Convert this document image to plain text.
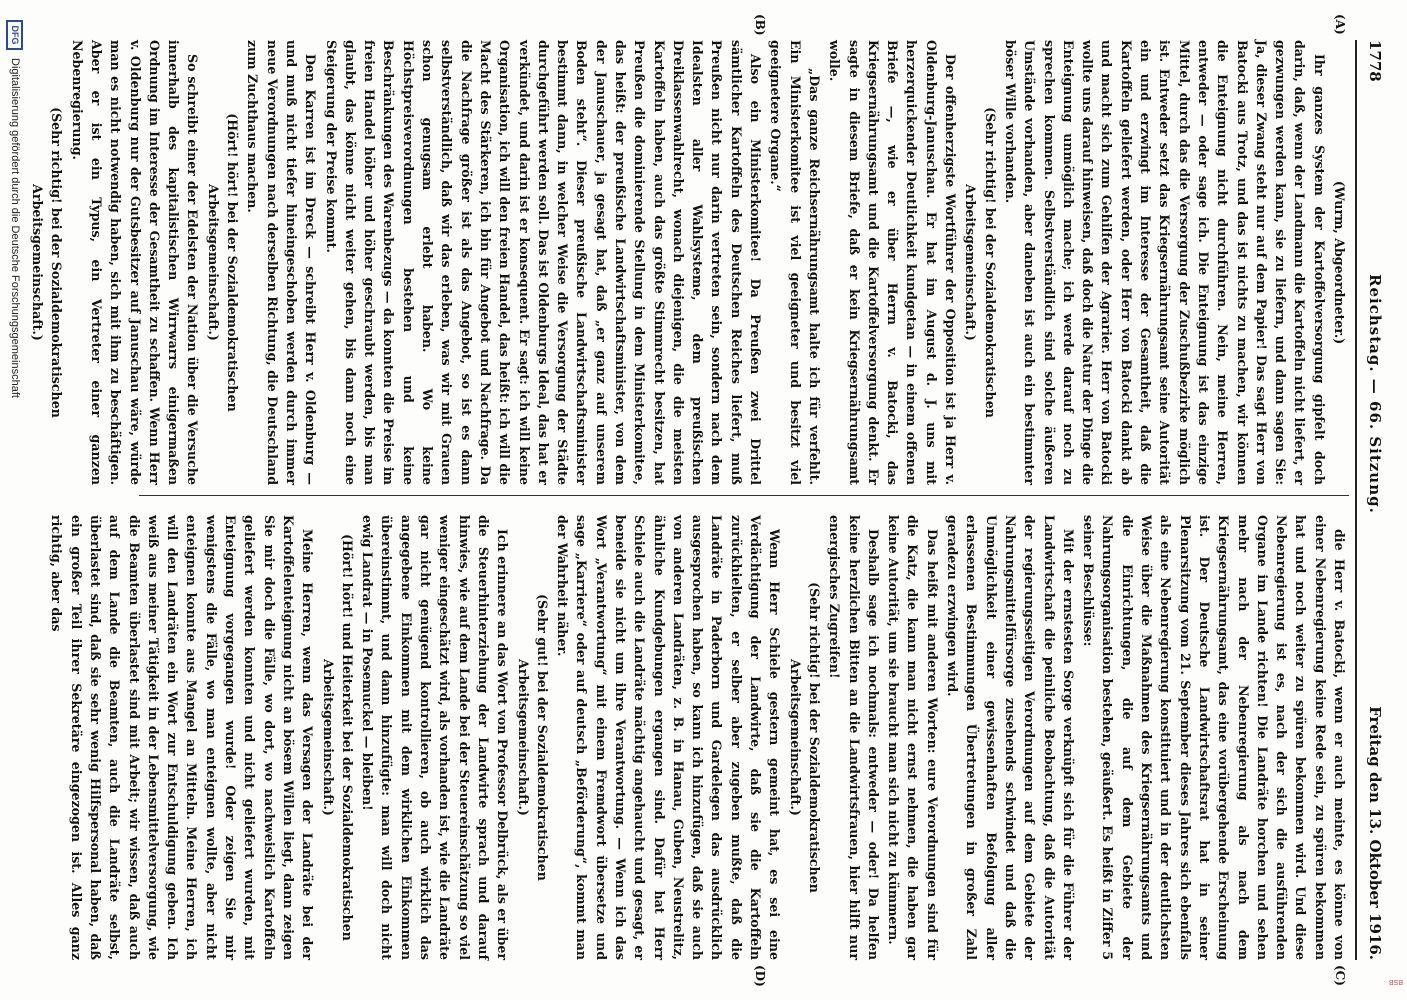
BSB
1778
Reichstag. — 66. Sitzung.
Freitag den 13. Oktober 1916.
(A)
(B)
(C)
(D)

(Wurm, Abgeordneter.)

Ihr ganzes System der Kartoffelversorgung gipfelt doch darin, daß, wenn der Landmann die Kartoffeln nicht liefert, er gezwungen werden kann, sie zu liefern, und dann sagen Sie: Ja, dieser Zwang steht nur auf dem Papier! Das sagt Herr von Batocki aus Trotz, und das ist nichts zu machen, wir können die Enteignung nicht durchführen. Nein, meine Herren, entweder — oder sage ich. Die Enteignung ist das einzige Mittel, durch das die Versorgung der Zuschußbezirke möglich ist. Entweder setzt das Kriegsernährungsamt seine Autorität ein und erzwingt im Interesse der Gesamtheit, daß die Kartoffeln geliefert werden, oder Herr von Batocki dankt ab und macht sich zum Gehilfen der Agrarier. Herr von Batocki wollte uns darauf hinweisen, daß doch die Natur der Dinge die Enteignung unmöglich mache; ich werde darauf noch zu sprechen kommen. Selbstverständlich sind solche äußeren Umstände vorhanden, aber daneben ist auch ein bestimmter böser Wille vorhanden.

(Sehr richtig! bei der Sozialdemokratischen Arbeitsgemeinschaft.)

Der offenherzigste Wortführer der Opposition ist ja Herr v. Oldenburg-Januschau. Er hat im August d. J. uns mit herzerquickender Deutlichkeit kundgetan — in einem offenen Briefe —, wie er über Herrn v. Batocki, das Kriegsernährungsamt und die Kartoffelversorgung denkt. Er sagte in diesem Briefe, daß er kein Kriegsernährungsamt wolle.

„Das ganze Reichsernährungsamt halte ich für verfehlt. Ein Ministerkomitee ist viel geeigneter und besitzt viel geeignetere Organe.“

Also ein Ministerkomitee! Da Preußen zwei Drittel sämtlicher Kartoffeln des Deutschen Reiches liefert, muß Preußen nicht nur darin vertreten sein, sondern nach dem Idealsten aller Wahlsysteme, dem preußischen Dreiklassenwahlrecht, wonach diejenigen, die die meisten Kartoffeln haben, auch das größte Stimmrecht besitzen, hat Preußen die dominierende Stellung in dem Ministerkomitee, das heißt: der preußische Landwirtschaftsminister, von dem der Januschauer, ja gesagt hat, daß „er ganz auf unserem Boden steht“. Dieser preußische Landwirtschaftsminister bestimmt dann, in welcher Weise die Versorgung der Städte durchgeführt werden soll. Das ist Oldenburgs Ideal, das hat er verkündet, und darin ist er konsequent. Er sagt: ich will keine Organisation, ich will den freien Handel, das heißt: ich will die Macht des Stärkeren, ich bin für Angebot und Nachfrage. Da die Nachfrage größer ist als das Angebot, so ist es dann selbstverständlich, daß wir das erleben, was wir mit Grauen schon genugsam erlebt haben. Wo keine Höchstpreisverordnungen bestehen und keine Beschränkungen des Warenbezugs — da konnten die Preise im freien Handel höher und höher geschraubt werden, bis man glaubt, das könne nicht weiter gehen, bis dann noch eine Steigerung der Preise kommt.

Den Karren ist im Dreck — schreibt Herr v. Oldenburg — und muß nicht tiefer hineingeschoben werden durch immer neue Verordnungen nach derselben Richtung, die Deutschland zum Zuchthaus machen.

(Hört! hört! bei der Sozialdemokratischen Arbeitsgemeinschaft.)

So schreibt einer der Edelsten der Nation über die Versuche innerhalb des kapitalistischen Wirrwarrs einigermaßen Ordnung im Interesse der Gesamtheit zu schaffen. Wenn Herr v. Oldenburg nur der Gutsbesitzer auf Januschau wäre, würde man es nicht notwendig haben, sich mit ihm zu beschäftigen. Aber er ist ein Typus, ein Vertreter einer ganzen Nebenregierung.

(Sehr richtig! bei der Sozialdemokratischen Arbeitsgemeinschaft.)

die Herr v. Batocki, wenn er auch meinte, es könne von einer Nebenregierung keine Rede sein, zu spüren bekommen hat und noch weiter zu spüren bekommen wird. Und diese Nebenregierung ist es, nach der sich die ausführenden Organe im Lande richten! Die Landräte horchen und sehen mehr nach der Nebenregierung als nach dem Kriegsernährungsamt, das eine vorübergehende Erscheinung ist. Der Deutsche Landwirtschaftsrat hat in seiner Plenarsitzung vom 21. September dieses Jahres sich ebenfalls als eine Nebenregierung konstituiert und in der deutlichsten Weise über die Maßnahmen des Kriegsernährungsamts und die Einrichtungen, die auf dem Gebiete der Nahrungsorganisation bestehen, geäußert. Es heißt in Ziffer 5 seiner Beschlüsse:

Mit der ernstesten Sorge verknüpft sich für die Führer der Landwirtschaft die peinliche Beobachtung, daß die Autorität der regierungsseitigen Verordnungen auf dem Gebiete der Nahrungsmittelfürsorge zusehends schwindet und daß die Unmöglichkeit einer gewissenhaften Befolgung aller erlassenen Bestimmungen Übertretungen in großer Zahl geradezu erzwingen wird.

Das heißt mit anderen Worten: eure Verordnungen sind für die Katz, die kann man nicht ernst nehmen, die haben gar keine Autorität, um sie braucht man sich nicht zu kümmern.

Deshalb sage ich nochmals: entweder — oder! Da helfen keine herzlichen Bitten an die Landwirtsfrauen, hier hilft nur energisches Zugreifen!

(Sehr richtig! bei der Sozialdemokratischen Arbeitsgemeinschaft.)

Wenn Herr Schiele gestern gemeint hat, es sei eine Verdächtigung der Landwirte, daß sie die Kartoffeln zurückhielten, er selber aber zugeben mußte, daß die Landräte in Paderborn und Gardelegen das ausdrücklich ausgesprochen haben, so kann ich hinzufügen, daß sie auch von anderen Landräten, z. B. in Hanau, Guben, Neustrelitz, ähnliche Kundgebungen ergangen sind. Dafür hat Herr Schiele auch die Landräte mächtig angehaucht und gesagt, er beneide sie nicht um ihre Verantwortung. — Wenn ich das Wort „Verantwortung“ mit einem Fremdwort übersetze und sage „Karriere“ oder auf deutsch „Beförderung“, kommt man der Wahrheit näher.

(Sehr gut! bei der Sozialdemokratischen Arbeitsgemeinschaft.)

Ich erinnere an das Wort von Professor Delbrück, als er über die Steuerhinterziehung der Landwirte sprach und darauf hinwies, wie auf dem Lande bei der Steuereinschätzung so viel weniger eingeschätzt wird, als vorhanden ist, wie die Landräte gar nicht genügend kontrollieren, ob auch wirklich das angegebene Einkommen mit dem wirklichen Einkommen übereinstimmt, und dann hinzufügte: man will doch nicht ewig Landrat — in Posemuckel — bleiben!

(Hört! hört! und Heiterkeit bei der Sozialdemokratischen Arbeitsgemeinschaft.)

Meine Herren, wenn das Versagen der Landräte bei der Kartoffelenteignung nicht an bösem Willen liegt, dann zeigen Sie mir doch die Fälle, wo dort, wo nachweislich Kartoffeln geliefert werden konnten und nicht geliefert wurden, mit Enteignung vorgegangen wurde! Oder zeigen Sie mir wenigstens die Fälle, wo man enteignen wollte, aber nicht enteignen konnte aus Mangel an Mitteln. Meine Herren, ich will den Landräten ein Wort zur Entschuldigung geben. Ich weiß aus meiner Tätigkeit in der Lebensmittelversorgung, wie die Beamten überlastet sind mit Arbeit; wir wissen, daß auch auf dem Lande die Beamten, auch die Landräte selbst, überlastet sind, daß sie sehr wenig Hilfspersonal haben, daß ein großer Teil ihrer Sekretäre eingezogen ist. Alles ganz richtig, aber das

DFG
Digitalisierung gefördert durch die Deutsche Forschungsgemeinschaft
